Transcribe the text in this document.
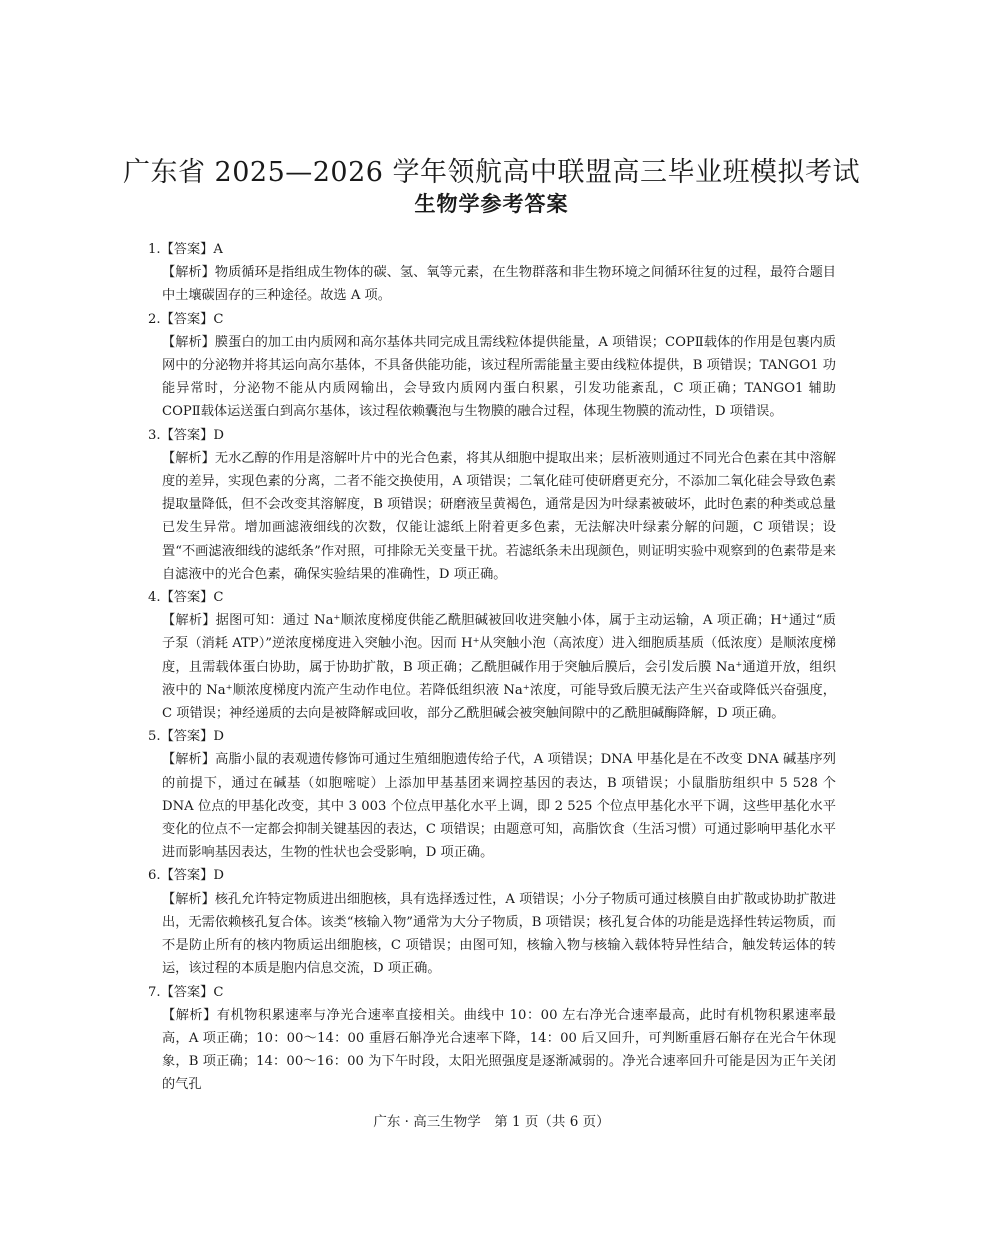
广东省 2025—2026 学年领航高中联盟高三毕业班模拟考试
生物学参考答案

1.【答案】A

【解析】物质循环是指组成生物体的碳、氢、氧等元素，在生物群落和非生物环境之间循环往复的过程，最符合题目中土壤碳固存的三种途径。故选 A 项。

2.【答案】C

【解析】膜蛋白的加工由内质网和高尔基体共同完成且需线粒体提供能量，A 项错误；COPⅡ载体的作用是包裹内质网中的分泌物并将其运向高尔基体，不具备供能功能，该过程所需能量主要由线粒体提供，B 项错误；TANGO1 功能异常时，分泌物不能从内质网输出，会导致内质网内蛋白积累，引发功能紊乱，C 项正确；TANGO1 辅助 COPⅡ载体运送蛋白到高尔基体，该过程依赖囊泡与生物膜的融合过程，体现生物膜的流动性，D 项错误。

3.【答案】D

【解析】无水乙醇的作用是溶解叶片中的光合色素，将其从细胞中提取出来；层析液则通过不同光合色素在其中溶解度的差异，实现色素的分离，二者不能交换使用，A 项错误；二氧化硅可使研磨更充分，不添加二氧化硅会导致色素提取量降低，但不会改变其溶解度，B 项错误；研磨液呈黄褐色，通常是因为叶绿素被破坏，此时色素的种类或总量已发生异常。增加画滤液细线的次数，仅能让滤纸上附着更多色素，无法解决叶绿素分解的问题，C 项错误；设置“不画滤液细线的滤纸条”作对照，可排除无关变量干扰。若滤纸条未出现颜色，则证明实验中观察到的色素带是来自滤液中的光合色素，确保实验结果的准确性，D 项正确。

4.【答案】C

【解析】据图可知：通过 Na⁺顺浓度梯度供能乙酰胆碱被回收进突触小体，属于主动运输，A 项正确；H⁺通过“质子泵（消耗 ATP）”逆浓度梯度进入突触小泡。因而 H⁺从突触小泡（高浓度）进入细胞质基质（低浓度）是顺浓度梯度，且需载体蛋白协助，属于协助扩散，B 项正确；乙酰胆碱作用于突触后膜后，会引发后膜 Na⁺通道开放，组织液中的 Na⁺顺浓度梯度内流产生动作电位。若降低组织液 Na⁺浓度，可能导致后膜无法产生兴奋或降低兴奋强度，C 项错误；神经递质的去向是被降解或回收，部分乙酰胆碱会被突触间隙中的乙酰胆碱酶降解，D 项正确。

5.【答案】D

【解析】高脂小鼠的表观遗传修饰可通过生殖细胞遗传给子代，A 项错误；DNA 甲基化是在不改变 DNA 碱基序列的前提下，通过在碱基（如胞嘧啶）上添加甲基基团来调控基因的表达，B 项错误；小鼠脂肪组织中 5 528 个 DNA 位点的甲基化改变，其中 3 003 个位点甲基化水平上调，即 2 525 个位点甲基化水平下调，这些甲基化水平变化的位点不一定都会抑制关键基因的表达，C 项错误；由题意可知，高脂饮食（生活习惯）可通过影响甲基化水平进而影响基因表达，生物的性状也会受影响，D 项正确。

6.【答案】D

【解析】核孔允许特定物质进出细胞核，具有选择透过性，A 项错误；小分子物质可通过核膜自由扩散或协助扩散进出，无需依赖核孔复合体。该类“核输入物”通常为大分子物质，B 项错误；核孔复合体的功能是选择性转运物质，而不是防止所有的核内物质运出细胞核，C 项错误；由图可知，核输入物与核输入载体特异性结合，触发转运体的转运，该过程的本质是胞内信息交流，D 项正确。

7.【答案】C

【解析】有机物积累速率与净光合速率直接相关。曲线中 10：00 左右净光合速率最高，此时有机物积累速率最高，A 项正确；10：00～14：00 重唇石斛净光合速率下降，14：00 后又回升，可判断重唇石斛存在光合午休现象，B 项正确；14：00～16：00 为下午时段，太阳光照强度是逐渐减弱的。净光合速率回升可能是因为正午关闭的气孔

广东 · 高三生物学　第 1 页（共 6 页）
